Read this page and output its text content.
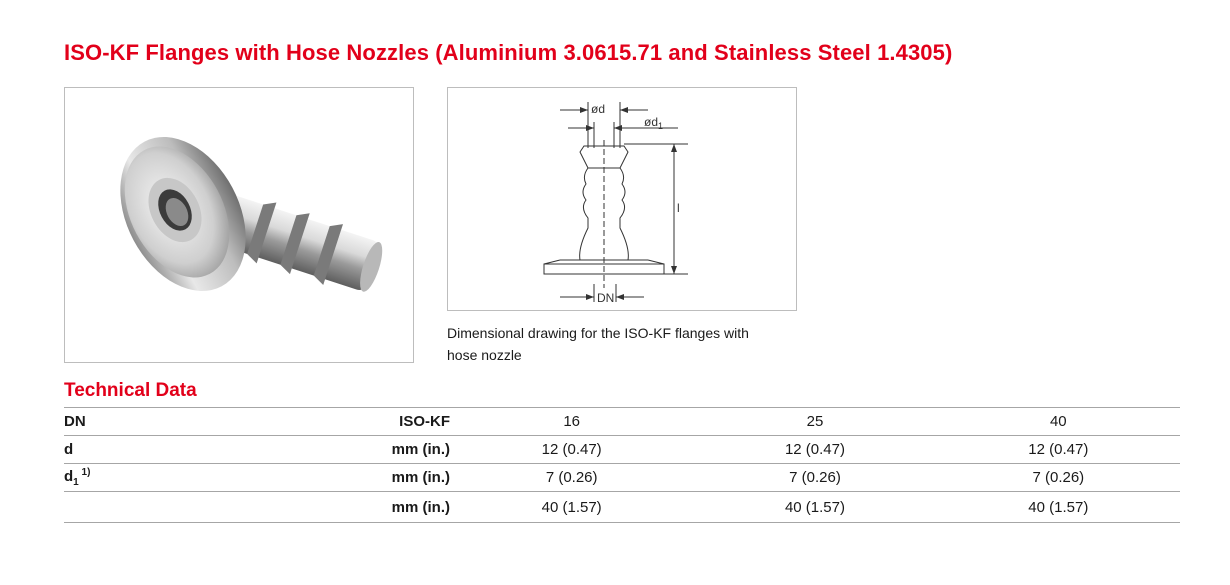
ISO-KF Flanges with Hose Nozzles (Aluminium 3.0615.71 and Stainless Steel 1.4305)
ød
$ød_1$
l
DN
Dimensional drawing for the ISO-KF flanges with hose nozzle
Technical Data
DN	ISO-KF	16	25	40
d	mm (in.)	12 (0.47)	12 (0.47)	12 (0.47)
$d_1$ $^{1)}$	mm (in.)	7 (0.26)	7 (0.26)	7 (0.26)
	mm (in.)	40 (1.57)	40 (1.57)	40 (1.57)
